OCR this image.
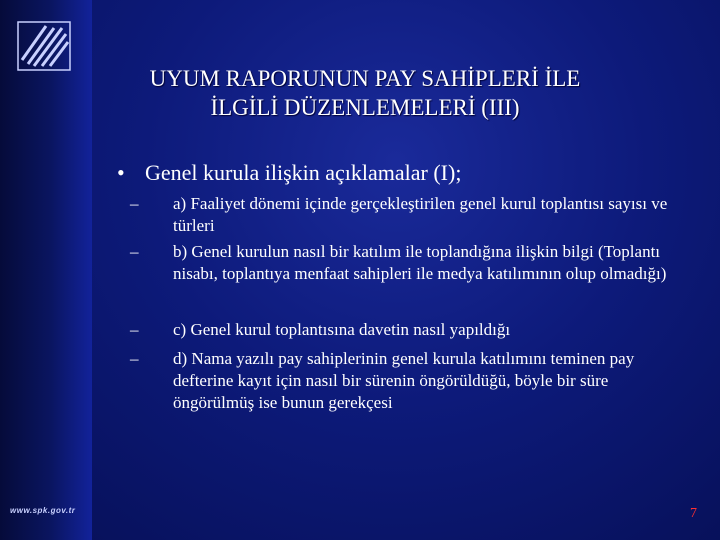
www.spk.gov.tr
UYUM RAPORUNUN PAY SAHİPLERİ İLE
İLGİLİ DÜZENLEMELERİ (III)
• Genel kurula ilişkin açıklamalar (I);
– a) Faaliyet dönemi içinde gerçekleştirilen genel kurul toplantısı sayısı ve türleri
– b) Genel kurulun nasıl bir katılım ile toplandığına ilişkin bilgi (Toplantı nisabı, toplantıya menfaat sahipleri ile medya katılımının olup olmadığı)
– c) Genel kurul toplantısına davetin nasıl yapıldığı
– d) Nama yazılı pay sahiplerinin genel kurula katılımını teminen pay defterine kayıt için nasıl bir sürenin öngörüldüğü, böyle bir süre öngörülmüş ise bunun gerekçesi
7
